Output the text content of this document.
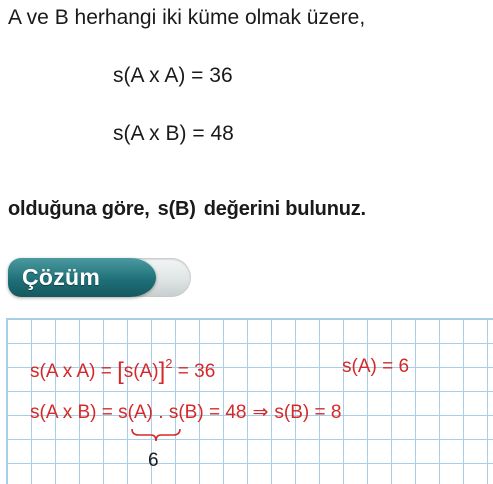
A ve B herhangi iki küme olmak üzere,
s(A x A) = 36
s(A x B) = 48
olduğuna göre, s(B) değerini bulunuz.
Çözüm
s(A x $A) = [s(A)]^2 = 36$	s(A) = 6
s(A x B) = s(A) . s(B) = 48 ⇒ s(B) = 8
6
